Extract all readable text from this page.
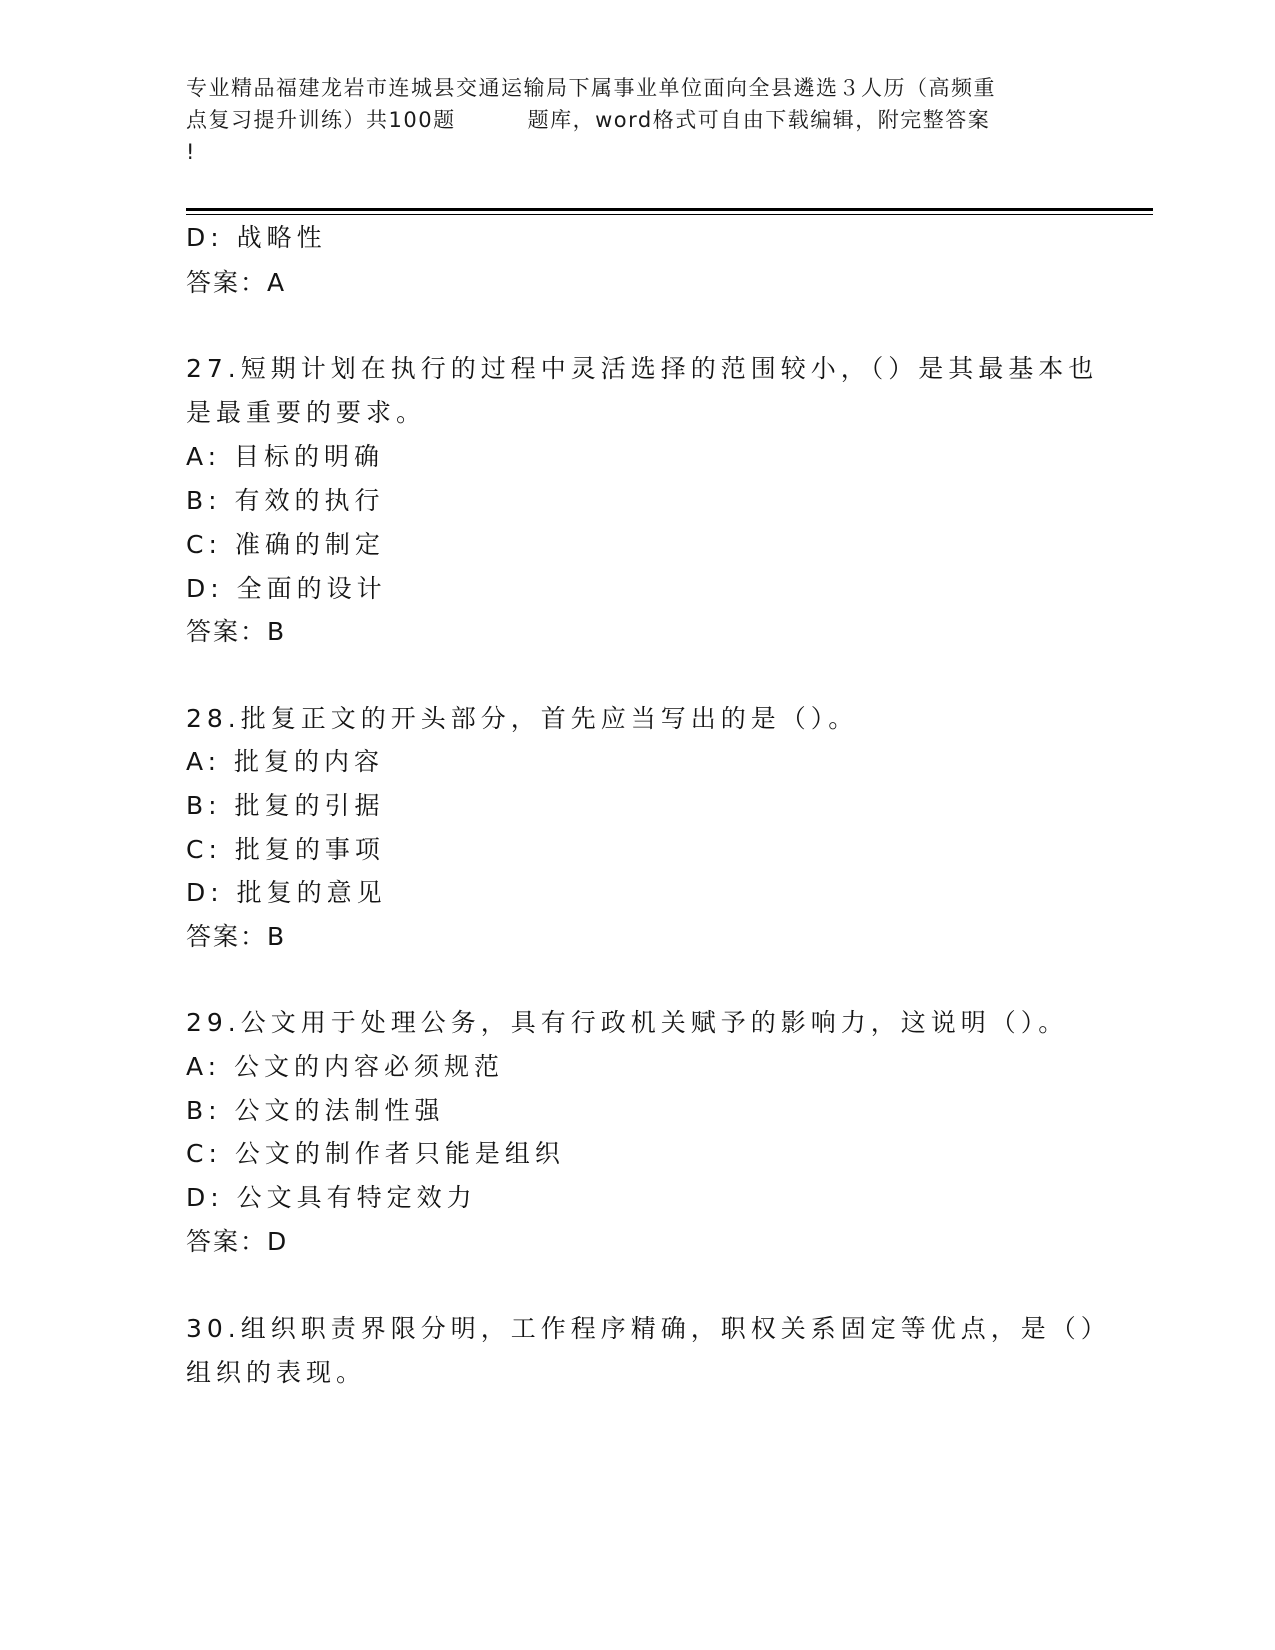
专业精品福建龙岩市连城县交通运输局下属事业单位面向全县遴选３人历（高频重
点复习提升训练）共100题	题库，word格式可自由下载编辑，附完整答案
!
D: 战略性
答案：A
27.短期计划在执行的过程中灵活选择的范围较小，（）是其最基本也
是最重要的要求。
A: 目标的明确
B: 有效的执行
C: 准确的制定
D: 全面的设计
答案：B
28.批复正文的开头部分，首先应当写出的是（）。
A: 批复的内容
B: 批复的引据
C: 批复的事项
D: 批复的意见
答案：B
29.公文用于处理公务，具有行政机关赋予的影响力，这说明（）。
A: 公文的内容必须规范
B: 公文的法制性强
C: 公文的制作者只能是组织
D: 公文具有特定效力
答案：D
30.组织职责界限分明，工作程序精确，职权关系固定等优点，是（）
组织的表现。
